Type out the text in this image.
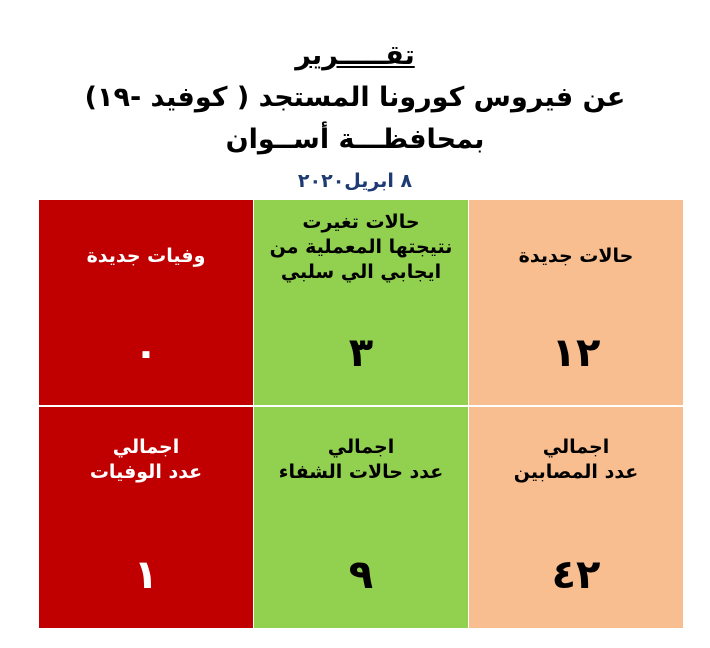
تقـــــرير
عن فيروس كورونا المستجد ( كوفيد -١٩)
بمحافظـــة أســوان
٨ ابريل٢٠٢٠
وفيات جديدة
٠
حالات تغيرت
نتيجتها المعملية من
ايجابي الي سلبي
٣
حالات جديدة
١٢
اجمالي
عدد الوفيات
١
اجمالي
عدد حالات الشفاء
٩
اجمالي
عدد المصابين
٤٢
